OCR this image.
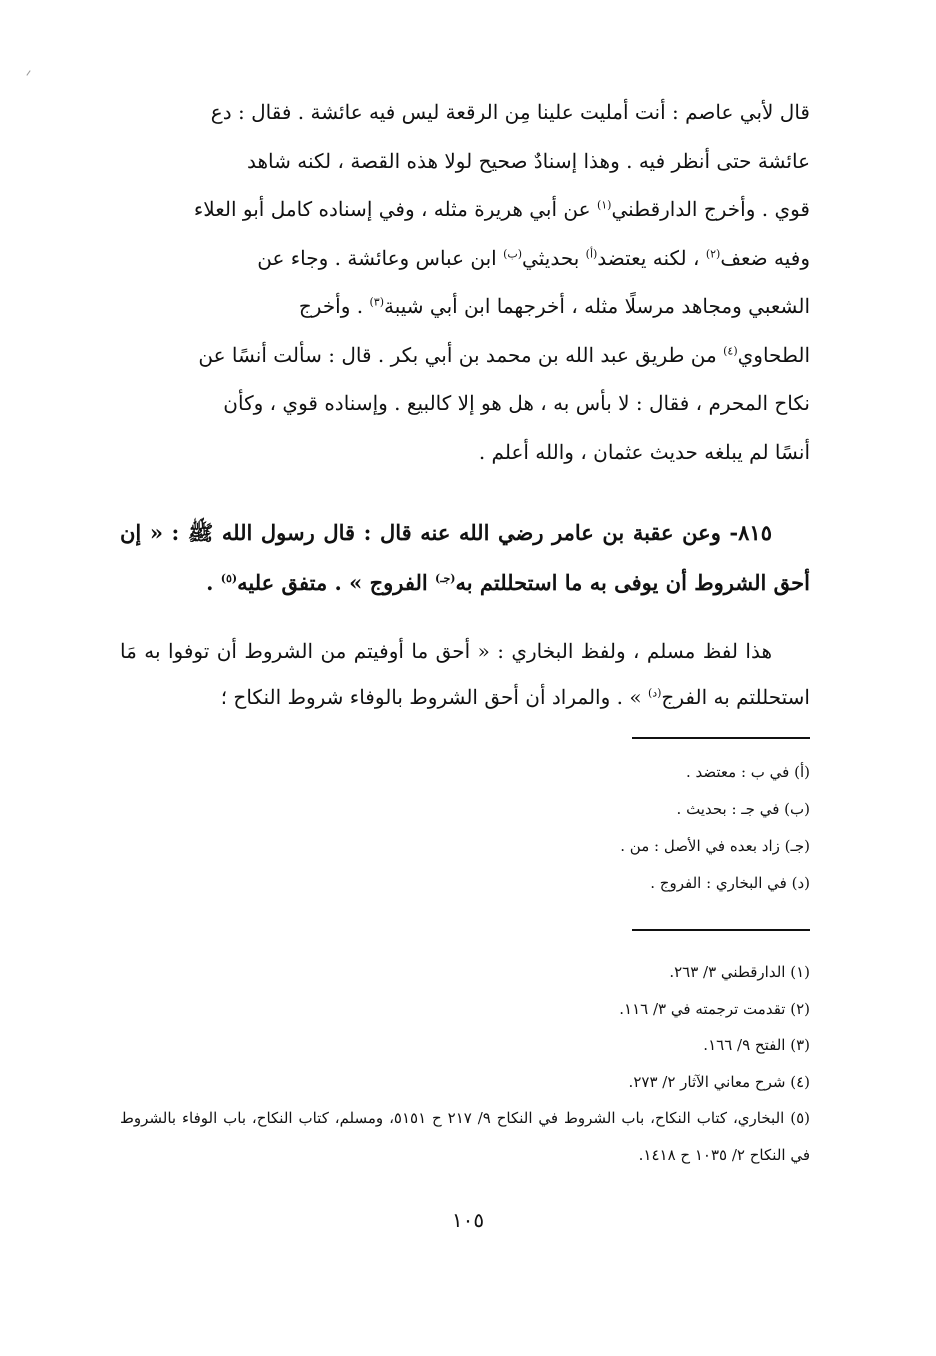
قال لأبي عاصم : أنت أمليت علينا مِن الرقعة ليس فيه عائشة . فقال : دع

عائشة حتى أنظر فيه . وهذا إسنادٌ صحيح لولا هذه القصة ، لكنه شاهد

قوي . وأخرج الدارقطني$^{(١)}$ عن أبي هريرة مثله ، وفي إسناده كامل أبو العلاء

وفيه ضعف$^{(٢)}$ ، لكنه يعتضد$^{(أ)}$ بحديثي$^{(ب)}$ ابن عباس وعائشة . وجاء عن

الشعبي ومجاهد مرسلًا مثله ، أخرجهما ابن أبي شيبة$^{(٣)}$ . وأخرج

الطحاوي$^{(٤)}$ من طريق عبد الله بن محمد بن أبي بكر . قال : سألت أنسًا عن

نكاح المحرم ، فقال : لا بأس به ، هل هو إلا كالبيع . وإسناده قوي ، وكأن

أنسًا لم يبلغه حديث عثمان ، والله أعلم .

٨١٥- وعن عقبة بن عامر رضي الله عنه قال : قال رسول الله ﷺ : « إن أحق الشروط أن يوفى به ما استحللتم به$^{(جـ)}$ الفروج » . متفق عليه$^{(٥)}$ .

هذا لفظ مسلم ، ولفظ البخاري : « أحق ما أوفيتم من الشروط أن توفوا به مَا استحللتم به الفرج$^{(د)}$ » . والمراد أن أحق الشروط بالوفاء شروط النكاح ؛

(أ) في ب : معتضد .
(ب) في جـ : بحديث .
(جـ) زاد بعده في الأصل : من .
(د) في البخاري : الفروج .
(١) الدارقطني ٣/ ٢٦٣.
(٢) تقدمت ترجمته في ٣/ ١١٦.
(٣) الفتح ٩/ ١٦٦.
(٤) شرح معاني الآثار ٢/ ٢٧٣.
(٥) البخاري، كتاب النكاح، باب الشروط في النكاح ٩/ ٢١٧ ح ٥١٥١، ومسلم، كتاب النكاح، باب الوفاء بالشروط في النكاح ٢/ ١٠٣٥ ح ١٤١٨.
١٠٥
